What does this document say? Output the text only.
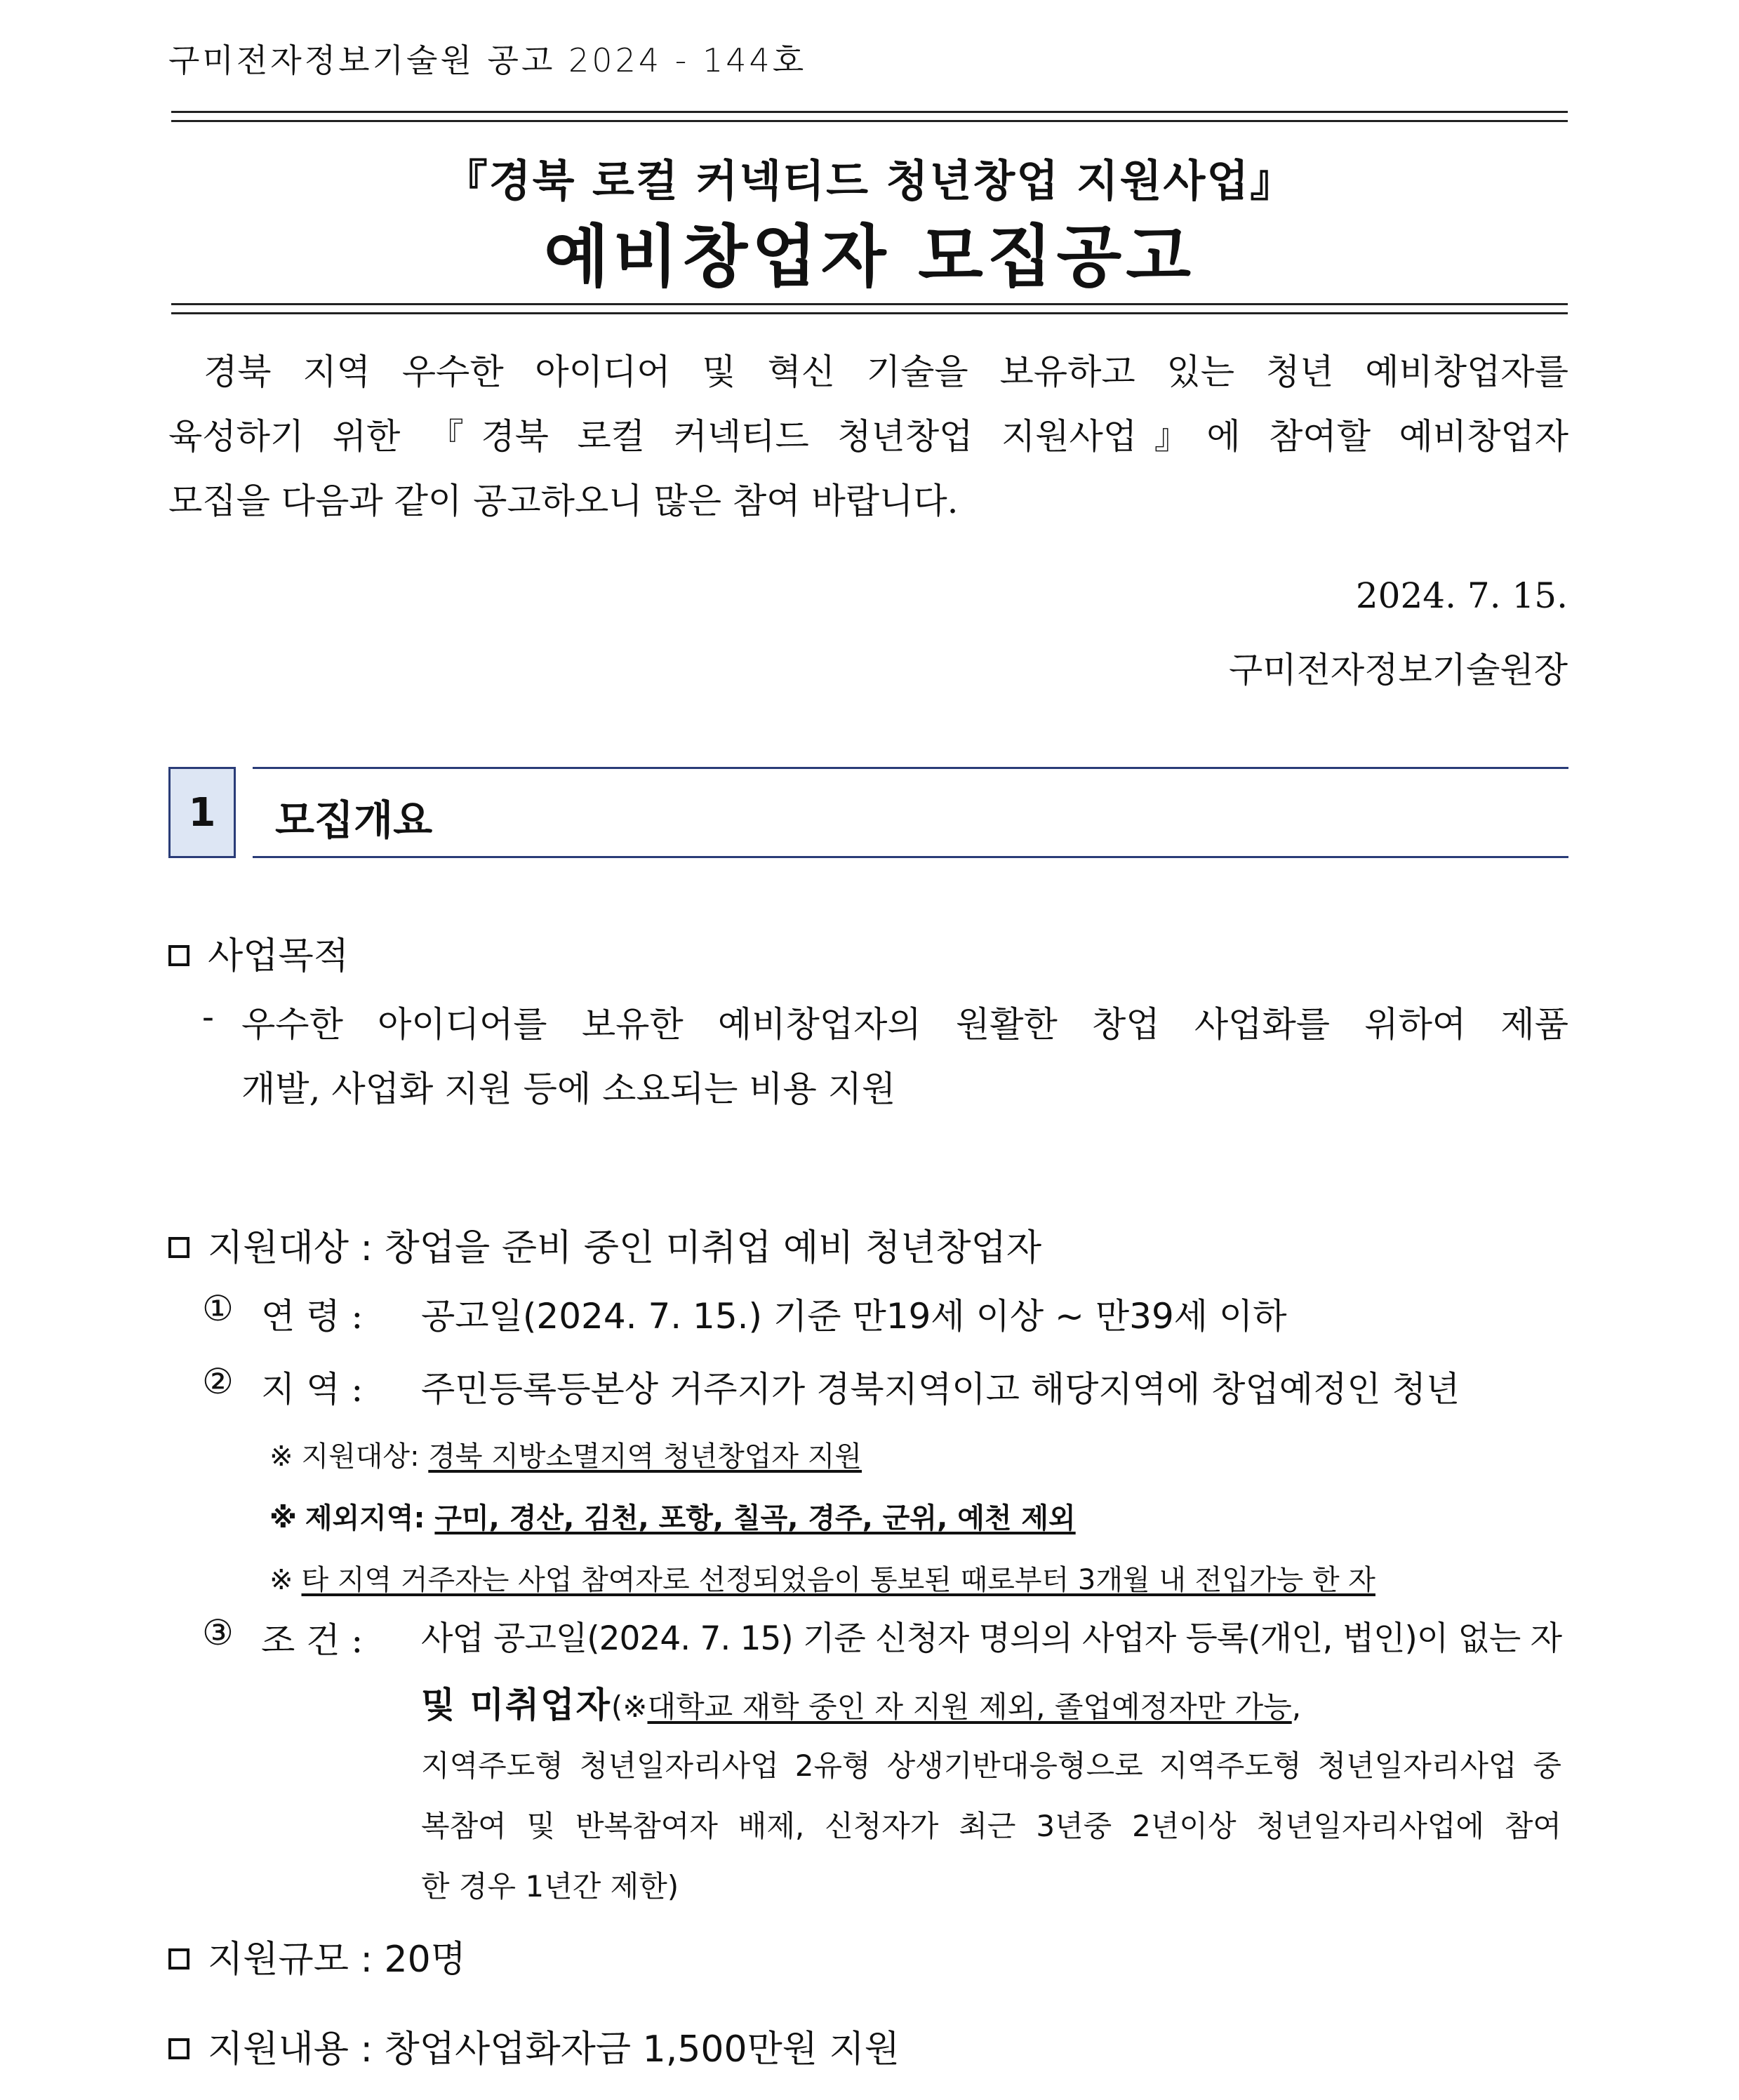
구미전자정보기술원 공고 2024 - 144호
『경북 로컬 커넥티드 청년창업 지원사업』
예비창업자 모집공고
경북 지역 우수한 아이디어 및 혁신 기술을 보유하고 있는 청년 예비창업자를
육성하기 위한 『경북 로컬 커넥티드 청년창업 지원사업』에 참여할 예비창업자
모집을 다음과 같이 공고하오니 많은 참여 바랍니다.
2024. 7. 15.
구미전자정보기술원장
1 모집개요
사업목적
- 우수한 아이디어를 보유한 예비창업자의 원활한 창업 사업화를 위하여 제품
개발, 사업화 지원 등에 소요되는 비용 지원
지원대상 : 창업을 준비 중인 미취업 예비 청년창업자
① 연 령 : 공고일(2024. 7. 15.) 기준 만19세 이상 ~ 만39세 이하
② 지 역 : 주민등록등본상 거주지가 경북지역이고 해당지역에 창업예정인 청년
※ 지원대상: 경북 지방소멸지역 청년창업자 지원
※ 제외지역: 구미, 경산, 김천, 포항, 칠곡, 경주, 군위, 예천 제외
※ 타 지역 거주자는 사업 참여자로 선정되었음이 통보된 때로부터 3개월 내 전입가능 한 자
③ 조 건 : 사업 공고일(2024. 7. 15) 기준 신청자 명의의 사업자 등록(개인, 법인)이 없는 자
및 미취업자(※대학교 재학 중인 자 지원 제외, 졸업예정자만 가능,
지역주도형 청년일자리사업 2유형 상생기반대응형으로 지역주도형 청년일자리사업 중
복참여 및 반복참여자 배제, 신청자가 최근 3년중 2년이상 청년일자리사업에 참여
한 경우 1년간 제한)
지원규모 : 20명
지원내용 : 창업사업화자금 1,500만원 지원
